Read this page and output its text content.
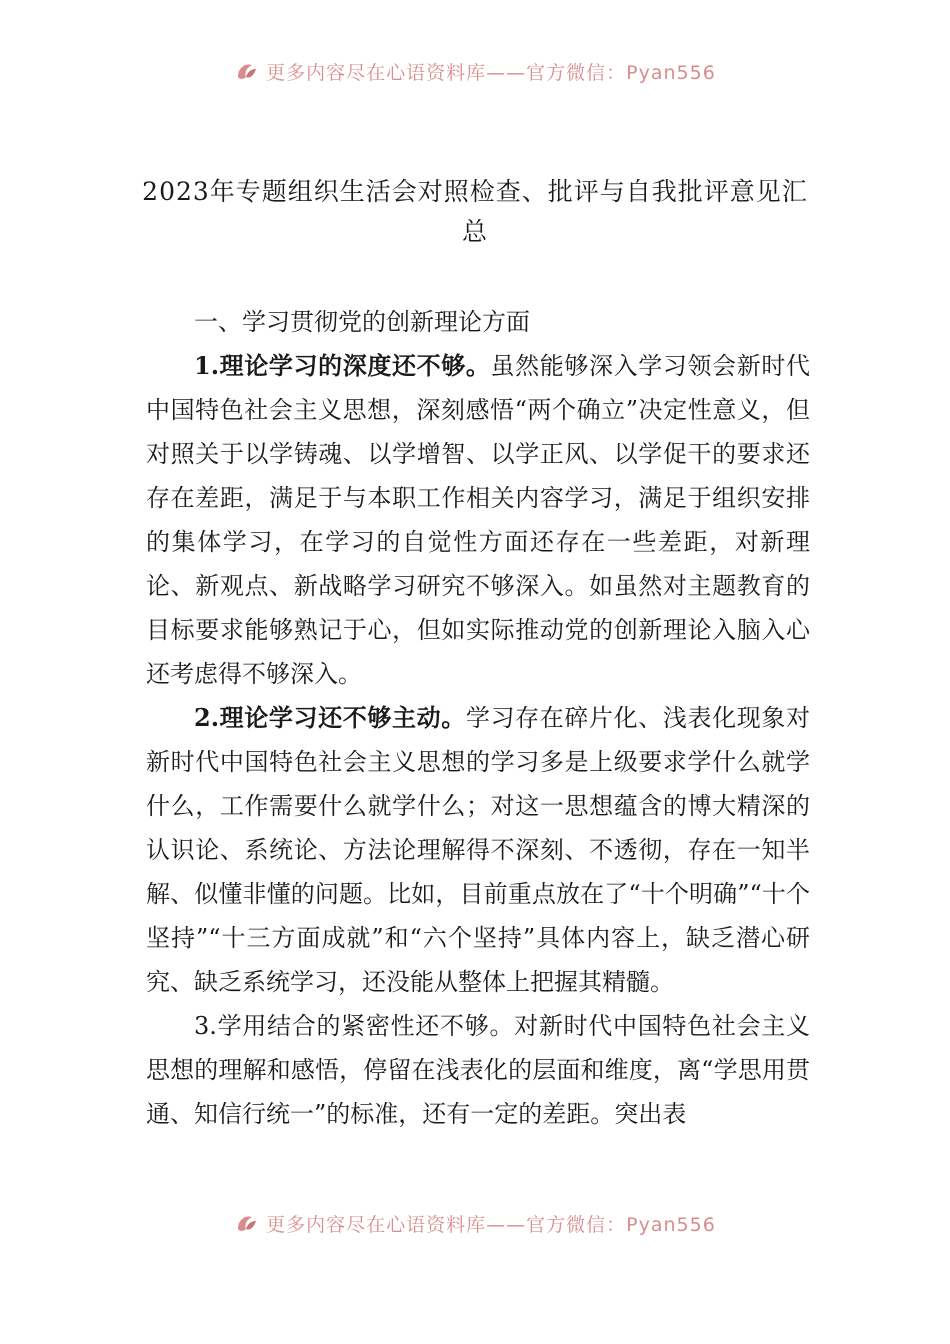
更多内容尽在心语资料库——官方微信：Pyan556
2023年专题组织生活会对照检查、批评与自我批评意见汇总

一、学习贯彻党的创新理论方面

1.理论学习的深度还不够。虽然能够深入学习领会新时代中国特色社会主义思想，深刻感悟“两个确立”决定性意义，但对照关于以学铸魂、以学增智、以学正风、以学促干的要求还存在差距，满足于与本职工作相关内容学习，满足于组织安排的集体学习，在学习的自觉性方面还存在一些差距，对新理论、新观点、新战略学习研究不够深入。如虽然对主题教育的目标要求能够熟记于心，但如实际推动党的创新理论入脑入心还考虑得不够深入。

2.理论学习还不够主动。学习存在碎片化、浅表化现象对新时代中国特色社会主义思想的学习多是上级要求学什么就学什么，工作需要什么就学什么；对这一思想蕴含的博大精深的认识论、系统论、方法论理解得不深刻、不透彻，存在一知半解、似懂非懂的问题。比如，目前重点放在了“十个明确”“十个坚持”“十三方面成就”和“六个坚持”具体内容上，缺乏潜心研究、缺乏系统学习，还没能从整体上把握其精髓。

3.学用结合的紧密性还不够。对新时代中国特色社会主义思想的理解和感悟，停留在浅表化的层面和维度，离“学思用贯通、知信行统一”的标准，还有一定的差距。突出表

更多内容尽在心语资料库——官方微信：Pyan556
